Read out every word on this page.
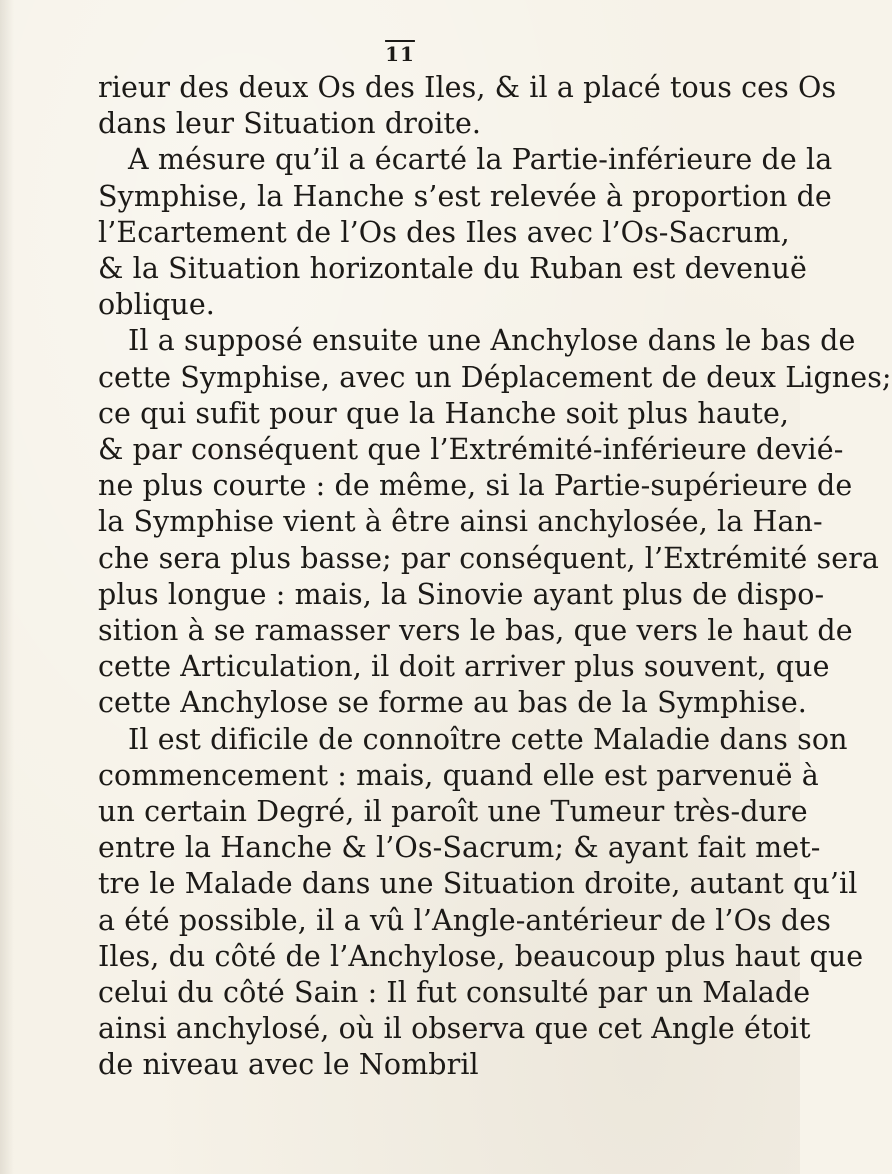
11
rieur des deux Os des Iles, & il a placé tous ces Os
dans leur Situation droite.
A mésure qu’il a écarté la Partie-inférieure de la
Symphise, la Hanche s’est relevée à proportion de
l’Ecartement de l’Os des Iles avec l’Os-Sacrum,
& la Situation horizontale du Ruban est devenuë
oblique.
Il a supposé ensuite une Anchylose dans le bas de
cette Symphise, avec un Déplacement de deux Lignes;
ce qui sufit pour que la Hanche soit plus haute,
& par conséquent que l’Extrémité-inférieure devié-
ne plus courte : de même, si la Partie-supérieure de
la Symphise vient à être ainsi anchylosée, la Han-
che sera plus basse; par conséquent, l’Extrémité sera
plus longue : mais, la Sinovie ayant plus de dispo-
sition à se ramasser vers le bas, que vers le haut de
cette Articulation, il doit arriver plus souvent, que
cette Anchylose se forme au bas de la Symphise.
Il est dificile de connoître cette Maladie dans son
commencement : mais, quand elle est parvenuë à
un certain Degré, il paroît une Tumeur très-dure
entre la Hanche & l’Os-Sacrum; & ayant fait met-
tre le Malade dans une Situation droite, autant qu’il
a été possible, il a vû l’Angle-antérieur de l’Os des
Iles, du côté de l’Anchylose, beaucoup plus haut que
celui du côté Sain : Il fut consulté par un Malade
ainsi anchylosé, où il observa que cet Angle étoit
de niveau avec le Nombril
